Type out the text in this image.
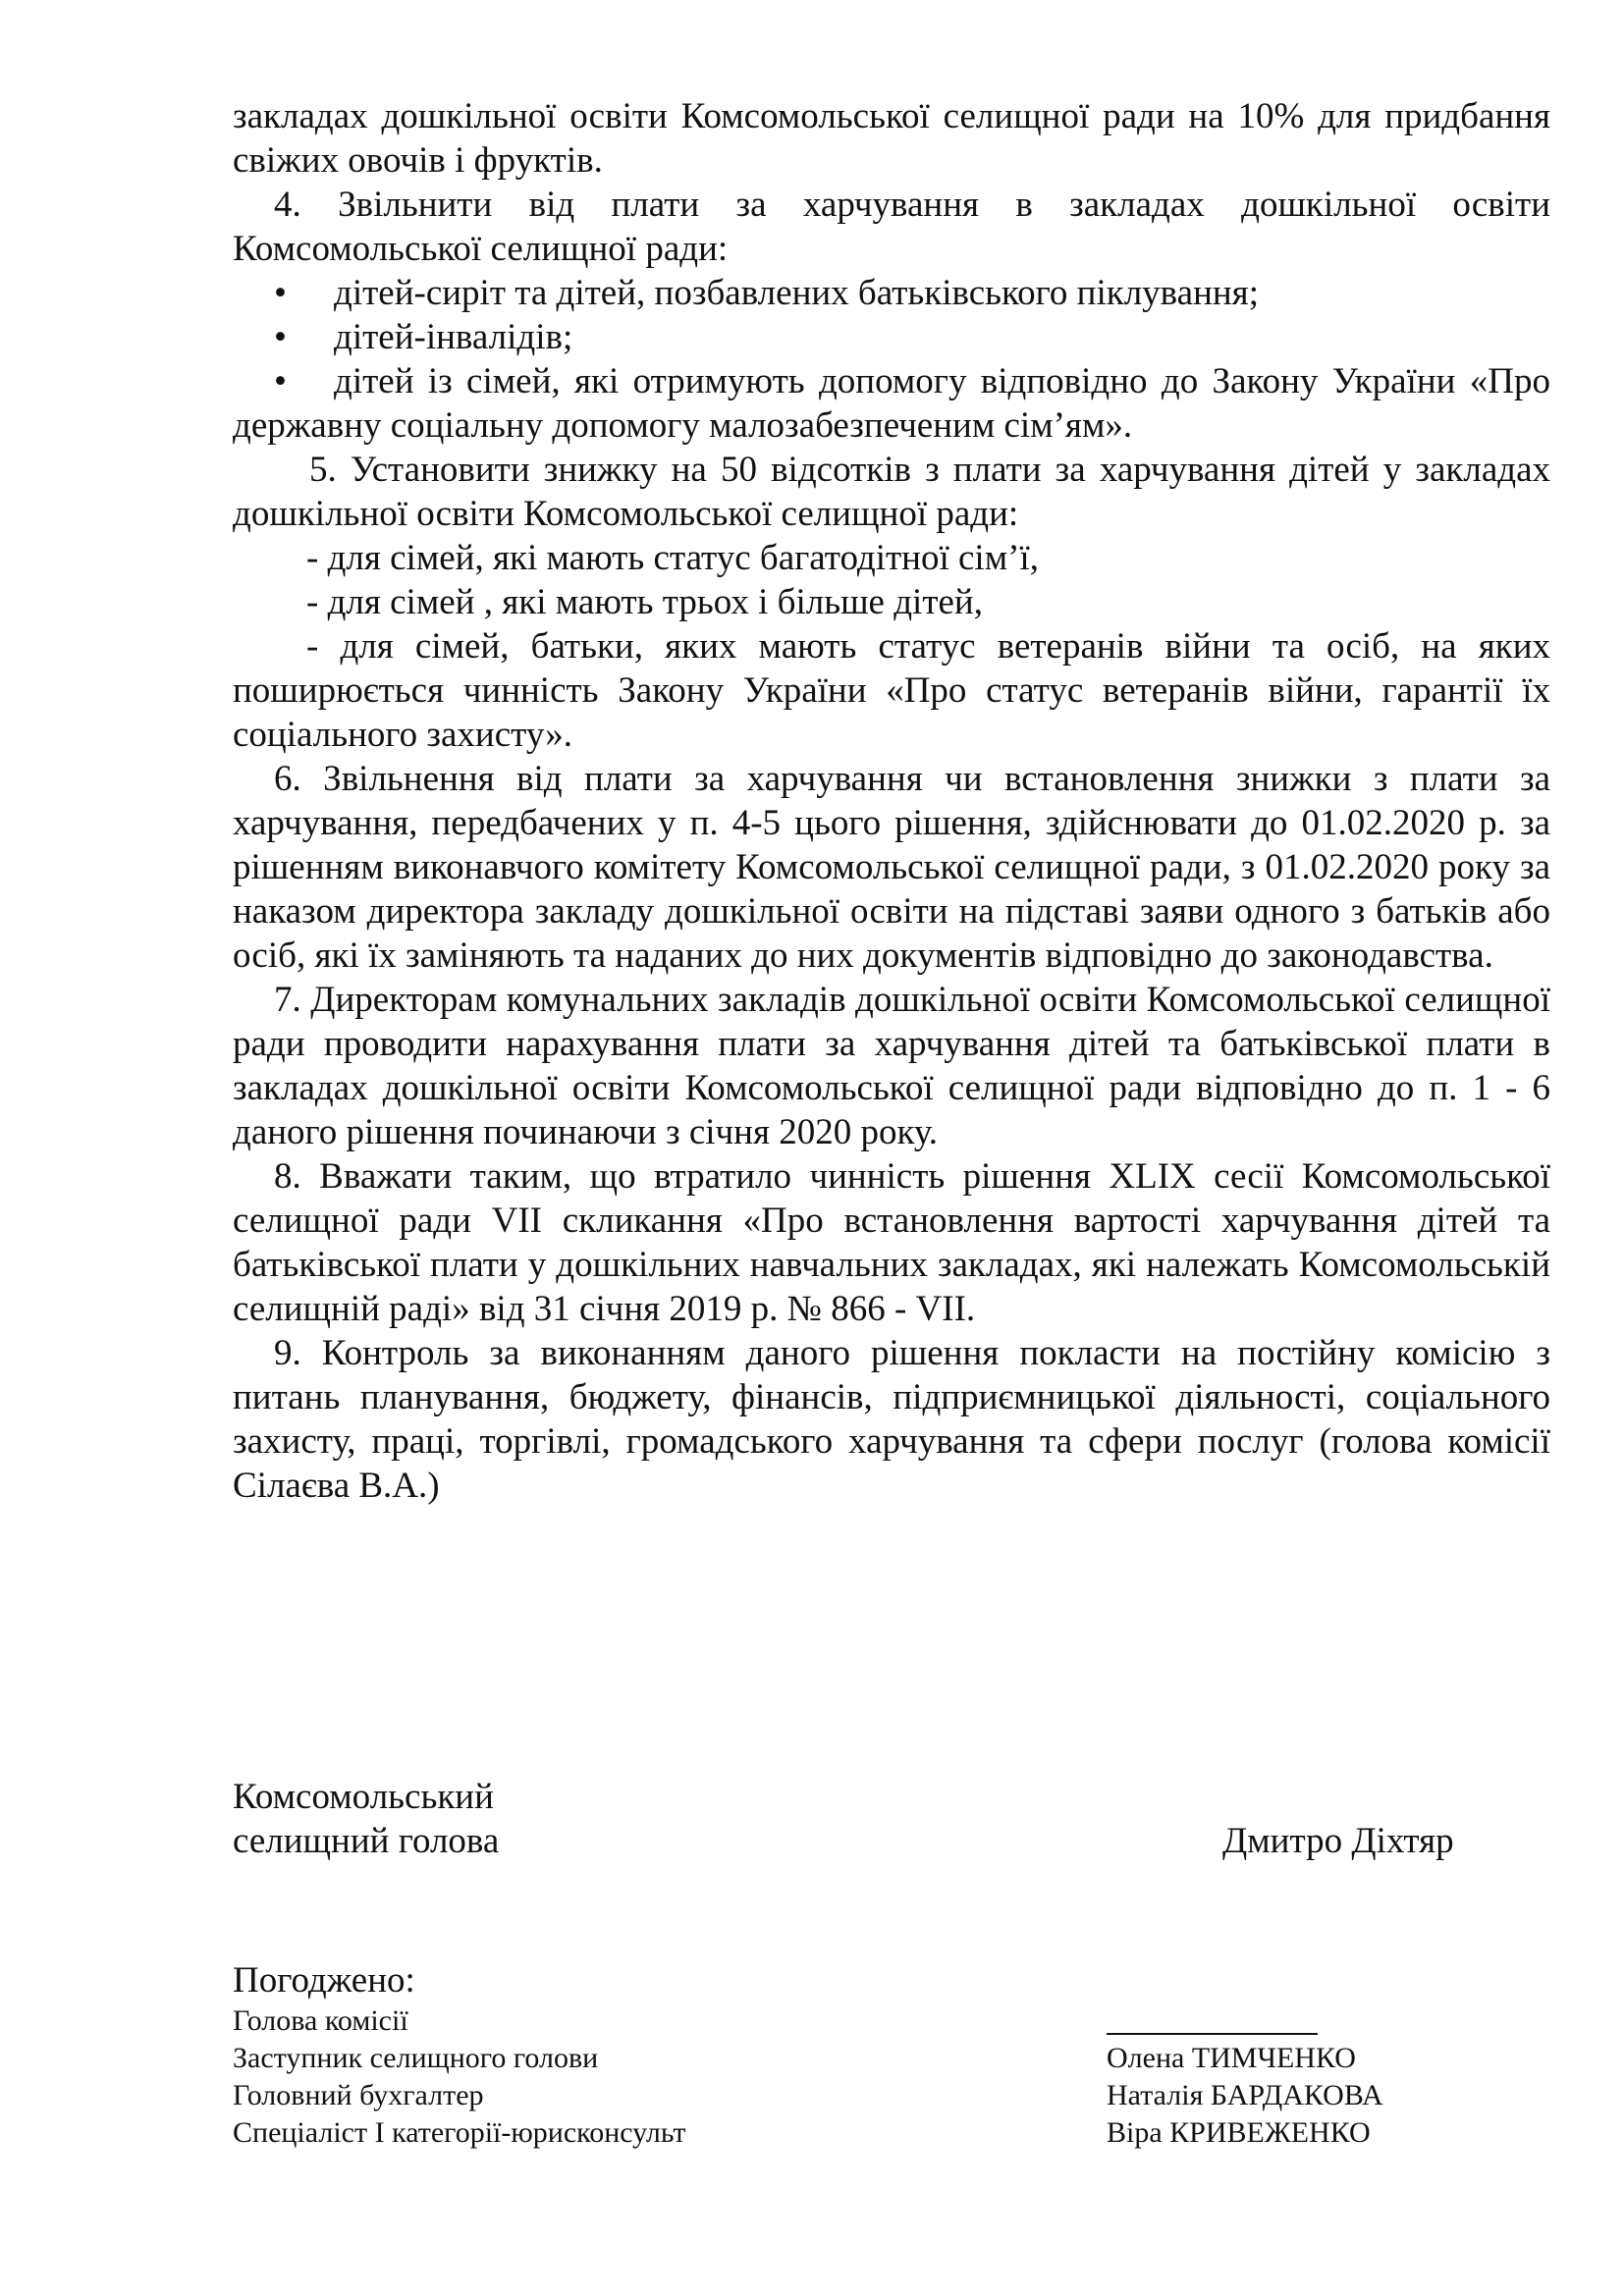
закладах дошкільної освіти Комсомольської селищної ради на 10% для придбання свіжих овочів і фруктів.

4. Звільнити від плати за харчування в закладах дошкільної освіти Комсомольської селищної ради:

• дітей-сиріт та дітей, позбавлених батьківського піклування;
• дітей-інвалідів;
• дітей із сімей, які отримують допомогу відповідно до Закону України «Про державну соціальну допомогу малозабезпеченим сім’ям».

5. Установити знижку на 50 відсотків з плати за харчування дітей у закладах дошкільної освіти Комсомольської селищної ради:

- для сімей, які мають статус багатодітної сім’ї,

- для сімей , які мають трьох і більше дітей,

- для сімей, батьки, яких мають статус ветеранів війни та осіб, на яких поширюється чинність Закону України «Про статус ветеранів війни, гарантії їх соціального захисту».

6. Звільнення від плати за харчування чи встановлення знижки з плати за харчування, передбачених у п. 4-5 цього рішення, здійснювати до 01.02.2020 р. за рішенням виконавчого комітету Комсомольської селищної ради, з 01.02.2020 року за наказом директора закладу дошкільної освіти на підставі заяви одного з батьків або осіб, які їх заміняють та наданих до них документів відповідно до законодавства.

7. Директорам комунальних закладів дошкільної освіти Комсомольської селищної ради проводити нарахування плати за харчування дітей та батьківської плати в закладах дошкільної освіти Комсомольської селищної ради відповідно до п. 1 - 6 даного рішення починаючи з січня 2020 року.

8. Вважати таким, що втратило чинність рішення XLIX сесії Комсомольської селищної ради VII скликання «Про встановлення вартості харчування дітей та батьківської плати у дошкільних навчальних закладах, які належать Комсомольській селищній раді» від 31 січня 2019 р. № 866 - VII.

9. Контроль за виконанням даного рішення покласти на постійну комісію з питань планування, бюджету, фінансів, підприємницької діяльності, соціального захисту, праці, торгівлі, громадського харчування та сфери послуг (голова комісії Сілаєва В.А.)

Комсомольський
селищний голова	Дмитро Діхтяр
Погоджено:
Голова комісії
Заступник селищного голови	Олена ТИМЧЕНКО
Головний бухгалтер	Наталія БАРДАКОВА
Спеціаліст І категорії-юрисконсульт	Віра КРИВЕЖЕНКО
